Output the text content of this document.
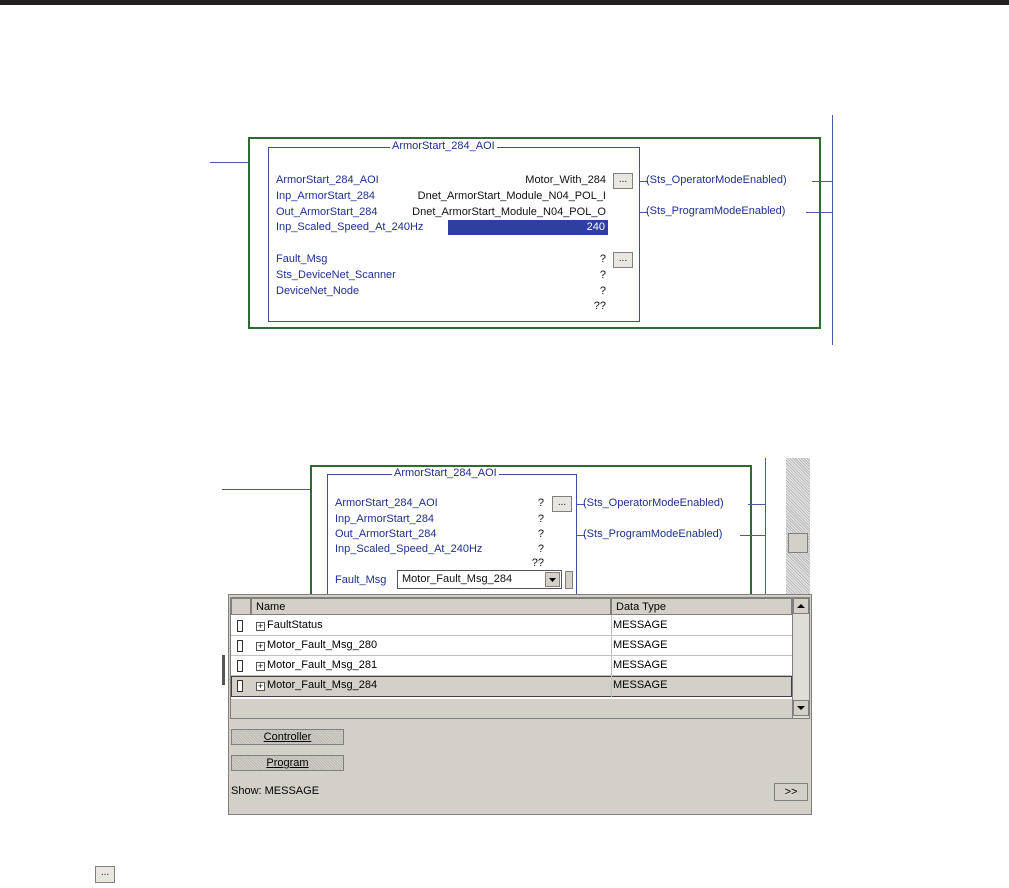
ArmorStart_284_AOI
ArmorStart_284_AOI	Motor_With_284	...
Inp_ArmorStart_284	Dnet_ArmorStart_Module_N04_POL_I
Out_ArmorStart_284	Dnet_ArmorStart_Module_N04_POL_O
Inp_Scaled_Speed_At_240Hz	240
Fault_Msg	?	...
Sts_DeviceNet_Scanner	?
DeviceNet_Node	?
??
(Sts_OperatorModeEnabled)
(Sts_ProgramModeEnabled)
ArmorStart_284_AOI
ArmorStart_284_AOI	?	...
Inp_ArmorStart_284	?
Out_ArmorStart_284	?
Inp_Scaled_Speed_At_240Hz	?
??
Fault_Msg Motor_Fault_Msg_284
(Sts_OperatorModeEnabled)
(Sts_ProgramModeEnabled)
Name	Data Type
+ FaultStatus	MESSAGE
+ Motor_Fault_Msg_280	MESSAGE
+ Motor_Fault_Msg_281	MESSAGE
+ Motor_Fault_Msg_284	MESSAGE
Controller
Program
Show: MESSAGE	>>
...
